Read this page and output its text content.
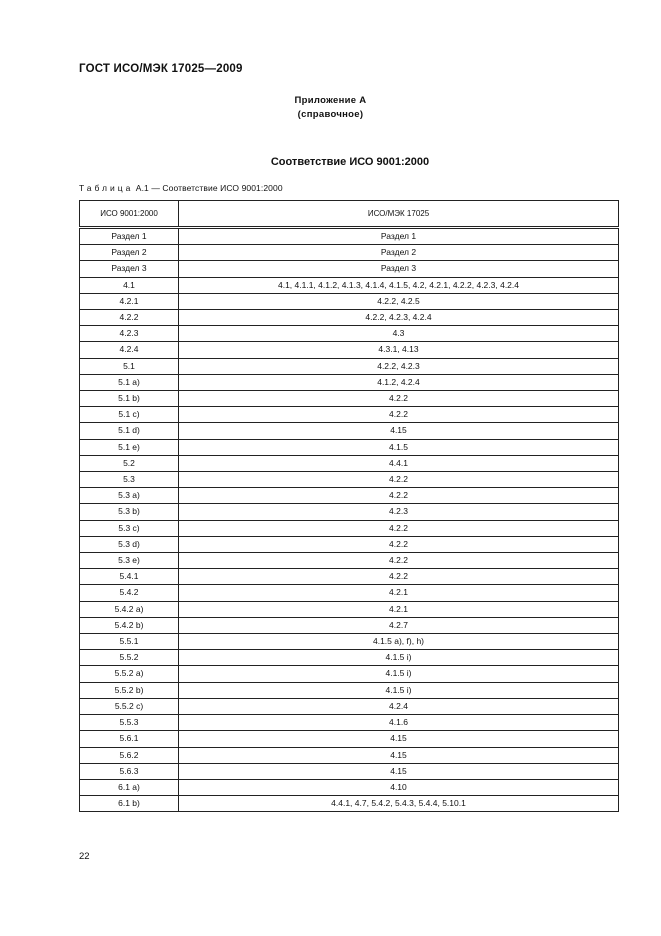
ГОСТ ИСО/МЭК 17025—2009
Приложение А
(справочное)
Соответствие ИСО 9001:2000
Таблица А.1 — Соответствие ИСО 9001:2000
ИСО 9001:2000	ИСО/МЭК 17025
Раздел 1	Раздел 1
Раздел 2	Раздел 2
Раздел 3	Раздел 3
4.1	4.1, 4.1.1, 4.1.2, 4.1.3, 4.1.4, 4.1.5, 4.2, 4.2.1, 4.2.2, 4.2.3, 4.2.4
4.2.1	4.2.2, 4.2.5
4.2.2	4.2.2, 4.2.3, 4.2.4
4.2.3	4.3
4.2.4	4.3.1, 4.13
5.1	4.2.2, 4.2.3
5.1 a)	4.1.2, 4.2.4
5.1 b)	4.2.2
5.1 c)	4.2.2
5.1 d)	4.15
5.1 e)	4.1.5
5.2	4.4.1
5.3	4.2.2
5.3 a)	4.2.2
5.3 b)	4.2.3
5.3 c)	4.2.2
5.3 d)	4.2.2
5.3 e)	4.2.2
5.4.1	4.2.2
5.4.2	4.2.1
5.4.2 a)	4.2.1
5.4.2 b)	4.2.7
5.5.1	4.1.5 a), f), h)
5.5.2	4.1.5 i)
5.5.2 a)	4.1.5 i)
5.5.2 b)	4.1.5 i)
5.5.2 c)	4.2.4
5.5.3	4.1.6
5.6.1	4.15
5.6.2	4.15
5.6.3	4.15
6.1 a)	4.10
6.1 b)	4.4.1, 4.7, 5.4.2, 5.4.3, 5.4.4, 5.10.1
22
